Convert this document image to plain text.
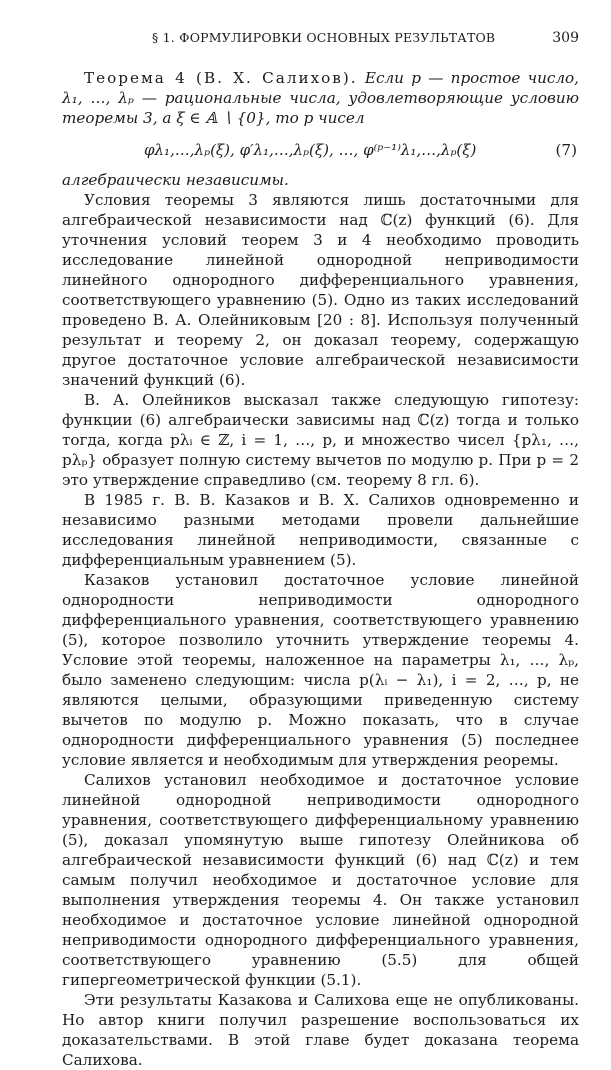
§ 1. ФОРМУЛИРОВКИ ОСНОВНЫХ РЕЗУЛЬТАТОВ	309

Теорема 4 (В. Х. Салихов). Если p — простое число, λ₁, …, λₚ — рациональные числа, удовлетворяющие условию теоремы 3, а ξ ∈ 𝔸 ∖ {0}, то p чисел

φλ₁,…,λₚ(ξ), φ′λ₁,…,λₚ(ξ), …, φ⁽ᵖ⁻¹⁾λ₁,…,λₚ(ξ)	(7)

алгебраически независимы.

Условия теоремы 3 являются лишь достаточными для алгебраической независимости над ℂ(z) функций (6). Для уточнения условий теорем 3 и 4 необходимо проводить исследование линейной однородной неприводимости линейного однородного дифференциального уравнения, соответствующего уравнению (5). Одно из таких исследований проведено В. А. Олейниковым [20 : 8]. Используя полученный результат и теорему 2, он доказал теорему, содержащую другое достаточное условие алгебраической независимости значений функций (6).

В. А. Олейников высказал также следующую гипотезу: функции (6) алгебраически зависимы над ℂ(z) тогда и только тогда, когда pλᵢ ∈ ℤ, i = 1, …, p, и множество чисел {pλ₁, …, pλₚ} образует полную систему вычетов по модулю p. При p = 2 это утверждение справедливо (см. теорему 8 гл. 6).

В 1985 г. В. В. Казаков и В. Х. Салихов одновременно и независимо разными методами провели дальнейшие исследования линейной неприводимости, связанные с дифференциальным уравнением (5).

Казаков установил достаточное условие линейной однородности неприводимости однородного дифференциального уравнения, соответствующего уравнению (5), которое позволило уточнить утверждение теоремы 4. Условие этой теоремы, наложенное на параметры λ₁, …, λₚ, было заменено следующим: числа p(λᵢ − λ₁), i = 2, …, p, не являются целыми, образующими приведенную систему вычетов по модулю p. Можно показать, что в случае однородности дифференциального уравнения (5) последнее условие является и необходимым для утверждения реоремы.

Салихов установил необходимое и достаточное условие линейной однородной неприводимости однородного уравнения, соответствующего дифференциальному уравнению (5), доказал упомянутую выше гипотезу Олейникова об алгебраической независимости функций (6) над ℂ(z) и тем самым получил необходимое и достаточное условие для выполнения утверждения теоремы 4. Он также установил необходимое и достаточное условие линейной однородной неприводимости однородного дифференциального уравнения, соответствующего уравнению (5.5) для общей гипергеометрической функции (5.1).

Эти результаты Казакова и Салихова еще не опубликованы. Но автор книги получил разрешение воспользоваться их доказательствами. В этой главе будет доказана теорема Салихова.
